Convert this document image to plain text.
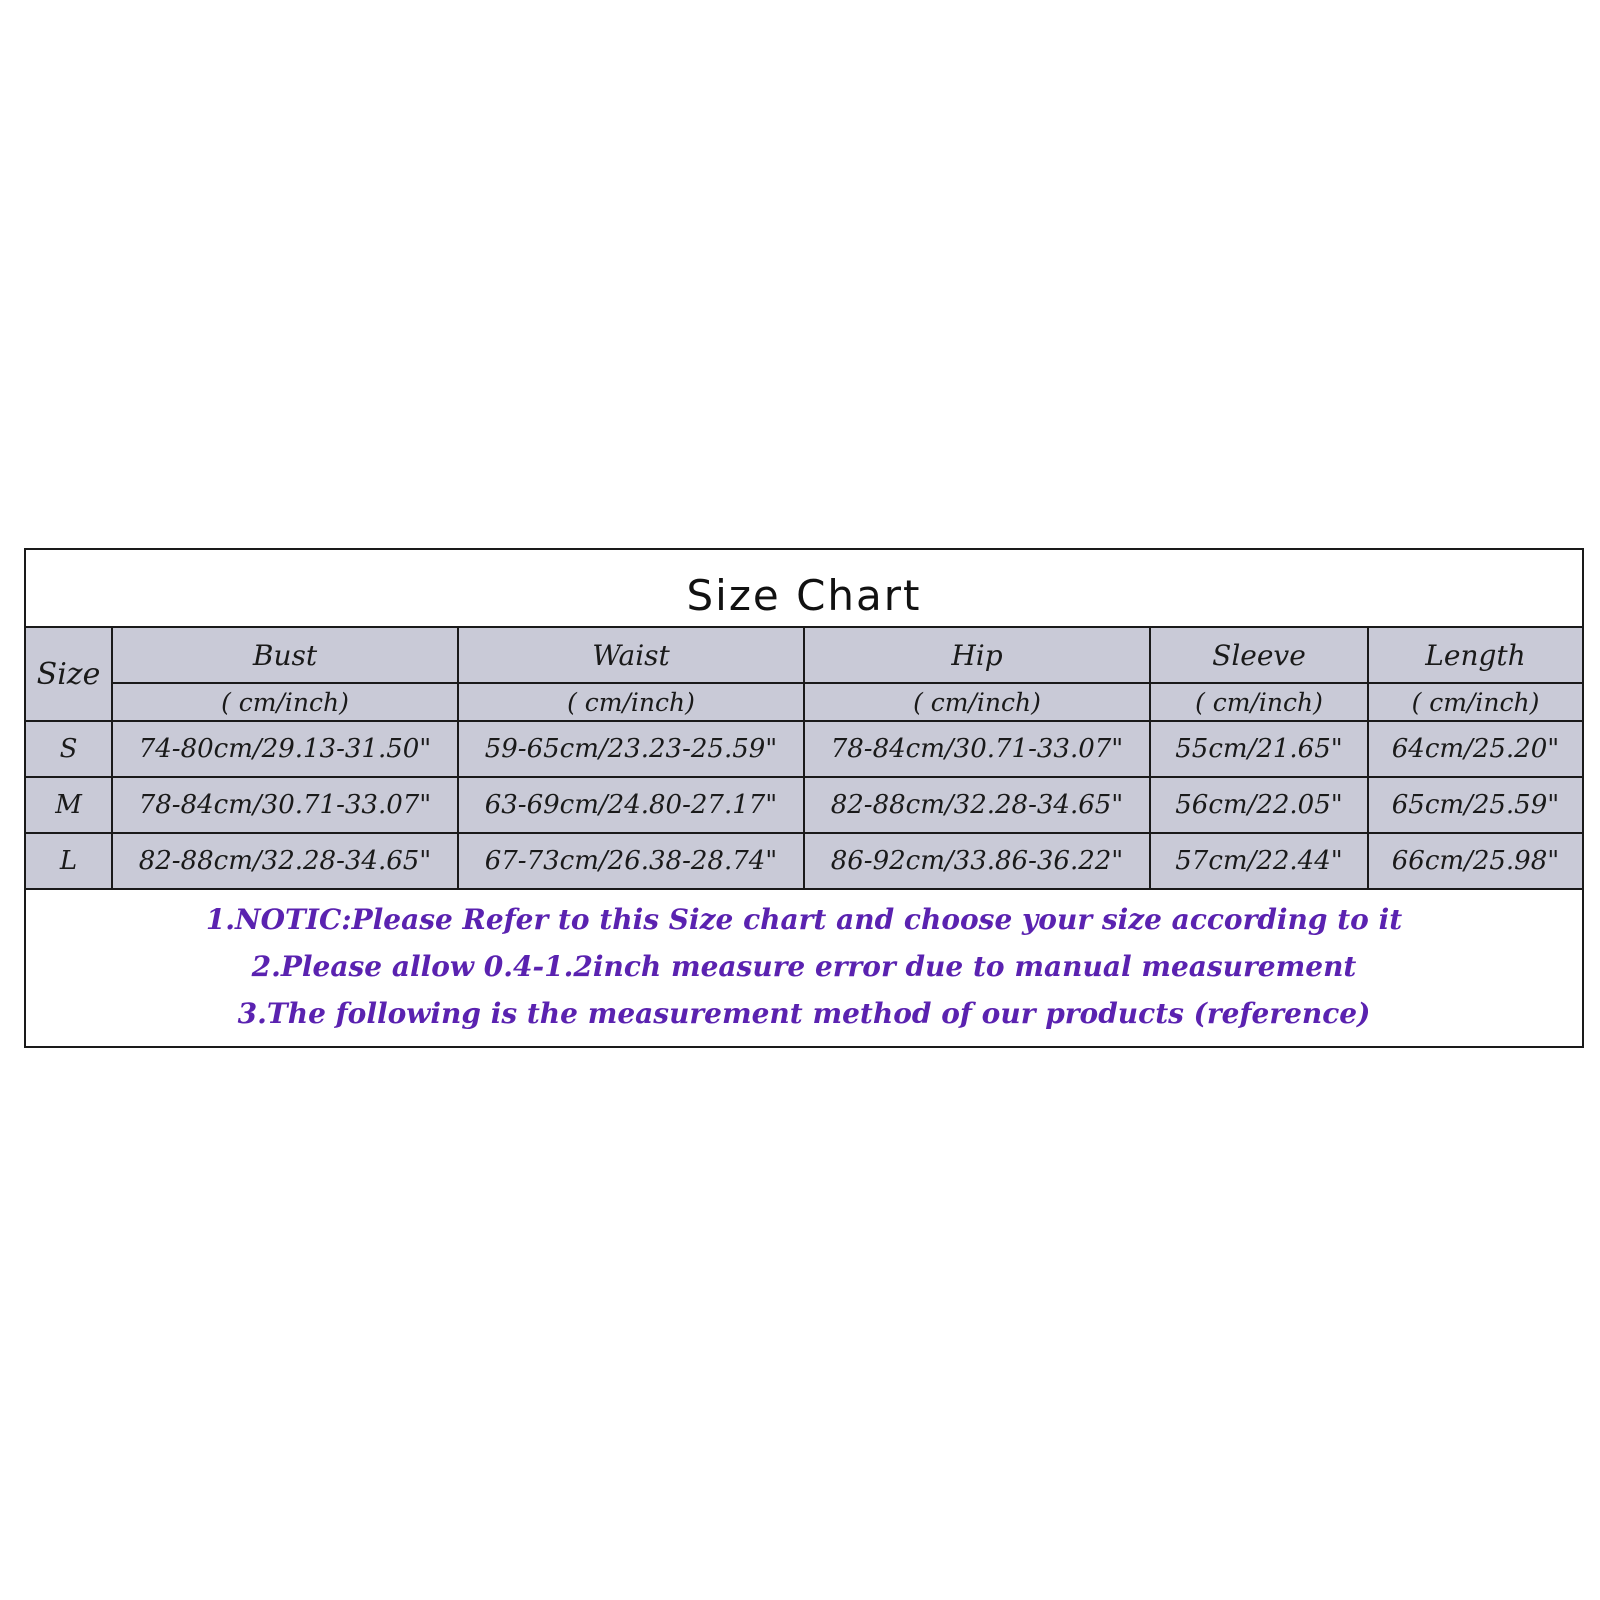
Size Chart
Size	Bust	Waist	Hip	Sleeve	Length
	( cm/inch)	( cm/inch)	( cm/inch)	( cm/inch)	( cm/inch)
S	74-80cm/29.13-31.50"	59-65cm/23.23-25.59"	78-84cm/30.71-33.07"	55cm/21.65"	64cm/25.20"
M	78-84cm/30.71-33.07"	63-69cm/24.80-27.17"	82-88cm/32.28-34.65"	56cm/22.05"	65cm/25.59"
L	82-88cm/32.28-34.65"	67-73cm/26.38-28.74"	86-92cm/33.86-36.22"	57cm/22.44"	66cm/25.98"
1.NOTIC:Please Refer to this Size chart and choose your size according to it
2.Please allow 0.4-1.2inch measure error due to manual measurement
3.The following is the measurement method of our products (reference)
